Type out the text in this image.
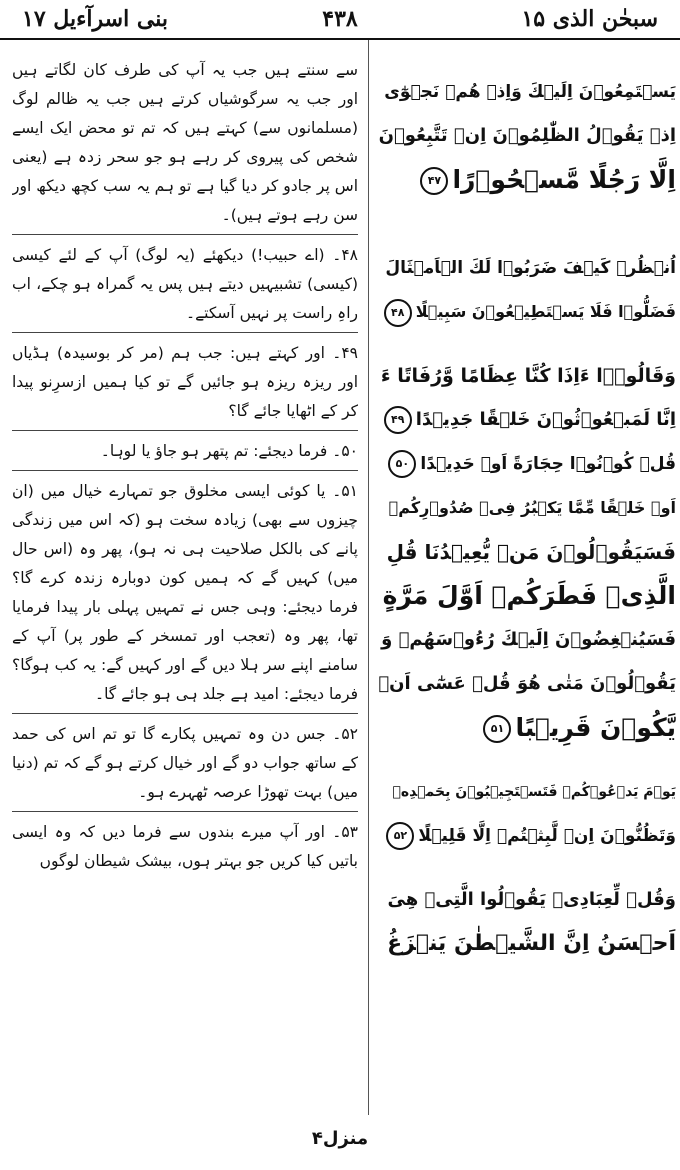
بنی اسرآءیل ۱۷	۴۳۸	سبحٰن الذی ۱۵

سے سنتے ہیں جب یہ آپ کی طرف کان لگاتے ہیں اور جب یہ سرگوشیاں کرتے ہیں جب یہ ظالم لوگ (مسلمانوں سے) کہتے ہیں کہ تم تو محض ایک ایسے شخص کی پیروی کر رہے ہو جو سحر زدہ ہے (یعنی اس پر جادو کر دیا گیا ہے تو ہم یہ سب کچھ دیکھ اور سن رہے ہوتے ہیں)۔

۴۸۔ (اے حبیب!) دیکھئے (یہ لوگ) آپ کے لئے کیسی (کیسی) تشبیہیں دیتے ہیں پس یہ گمراہ ہو چکے، اب راہِ راست پر نہیں آسکتے۔

۴۹۔ اور کہتے ہیں: جب ہم (مر کر بوسیدہ) ہڈیاں اور ریزہ ریزہ ہو جائیں گے تو کیا ہمیں ازسرِنو پیدا کر کے اٹھایا جائے گا؟

۵۰۔ فرما دیجئے: تم پتھر ہو جاؤ یا لوہا۔

۵۱۔ یا کوئی ایسی مخلوق جو تمہارے خیال میں (ان چیزوں سے بھی) زیادہ سخت ہو (کہ اس میں زندگی پانے کی بالکل صلاحیت ہی نہ ہو)، پھر وہ (اس حال میں) کہیں گے کہ ہمیں کون دوبارہ زندہ کرے گا؟ فرما دیجئے: وہی جس نے تمہیں پہلی بار پیدا فرمایا تھا، پھر وہ (تعجب اور تمسخر کے طور پر) آپ کے سامنے اپنے سر ہلا دیں گے اور کہیں گے: یہ کب ہوگا؟ فرما دیجئے: امید ہے جلد ہی ہو جائے گا۔

۵۲۔ جس دن وہ تمہیں پکارے گا تو تم اس کی حمد کے ساتھ جواب دو گے اور خیال کرتے ہو گے کہ تم (دنیا میں) بہت تھوڑا عرصہ ٹھہرے ہو۔

۵۳۔ اور آپ میرے بندوں سے فرما دیں کہ وہ ایسی باتیں کیا کریں جو بہتر ہوں، بیشک شیطان لوگوں

يَسۡتَمِعُوۡنَ اِلَيۡكَ وَاِذۡ هُمۡ نَجۡوٰٓى
اِذۡ يَقُوۡلُ الظّٰلِمُوۡنَ اِنۡ تَتَّبِعُوۡنَ
اِلَّا رَجُلًا مَّسۡحُوۡرًا۴۷
اُنۡظُرۡ كَيۡفَ ضَرَبُوۡا لَكَ الۡاَمۡثَالَ
فَضَلُّوۡا فَلَا يَسۡتَطِيۡعُوۡنَ سَبِيۡلًا۴۸
وَقَالُوۡۤا ءَاِذَا كُنَّا عِظَامًا وَّرُفَاتًا ءَ
اِنَّا لَمَبۡعُوۡثُوۡنَ خَلۡقًا جَدِيۡدًا۴۹
قُلۡ كُوۡنُوۡا حِجَارَةً اَوۡ حَدِيۡدًا۵۰
اَوۡ خَلۡقًا مِّمَّا يَكۡبُرُ فِىۡ صُدُوۡرِكُمۡ
فَسَيَقُوۡلُوۡنَ مَنۡ يُّعِيۡدُنَا قُلِ
الَّذِىۡ فَطَرَكُمۡ اَوَّلَ مَرَّةٍ
فَسَيُنۡغِضُوۡنَ اِلَيۡكَ رُءُوۡسَهُمۡ وَ
يَقُوۡلُوۡنَ مَتٰى هُوَ قُلۡ عَسٰٓى اَنۡ
يَّكُوۡنَ قَرِيۡبًا۵۱
يَوۡمَ يَدۡعُوۡكُمۡ فَتَسۡتَجِيۡبُوۡنَ بِحَمۡدِهٖ
وَتَظُنُّوۡنَ اِنۡ لَّبِثۡتُمۡ اِلَّا قَلِيۡلًا۵۲
وَقُلۡ لِّعِبَادِىۡ يَقُوۡلُوا الَّتِىۡ هِىَ
اَحۡسَنُ اِنَّ الشَّيۡطٰنَ يَنۡزَغُ
منزل۴
